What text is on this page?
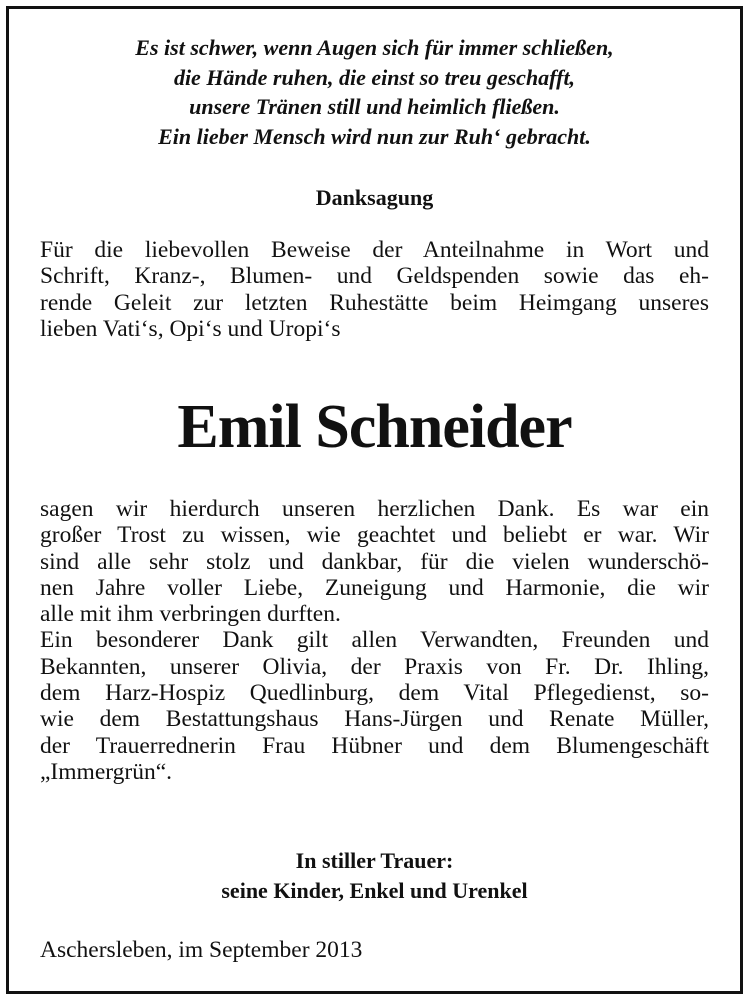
Es ist schwer, wenn Augen sich für immer schließen,
die Hände ruhen, die einst so treu geschafft,
unsere Tränen still und heimlich fließen.
Ein lieber Mensch wird nun zur Ruh‘ gebracht.
Danksagung
Für die liebevollen Beweise der Anteilnahme in Wort und
Schrift, Kranz-, Blumen- und Geldspenden sowie das eh-
rende Geleit zur letzten Ruhestätte beim Heimgang unseres
lieben Vati‘s, Opi‘s und Uropi‘s
Emil Schneider
sagen wir hierdurch unseren herzlichen Dank. Es war ein
großer Trost zu wissen, wie geachtet und beliebt er war. Wir
sind alle sehr stolz und dankbar, für die vielen wunderschö-
nen Jahre voller Liebe, Zuneigung und Harmonie, die wir
alle mit ihm verbringen durften.
Ein besonderer Dank gilt allen Verwandten, Freunden und
Bekannten, unserer Olivia, der Praxis von Fr. Dr. Ihling,
dem Harz-Hospiz Quedlinburg, dem Vital Pflegedienst, so-
wie dem Bestattungshaus Hans-Jürgen und Renate Müller,
der Trauerrednerin Frau Hübner und dem Blumengeschäft
„Immergrün“.
In stiller Trauer:
seine Kinder, Enkel und Urenkel
Aschersleben, im September 2013
